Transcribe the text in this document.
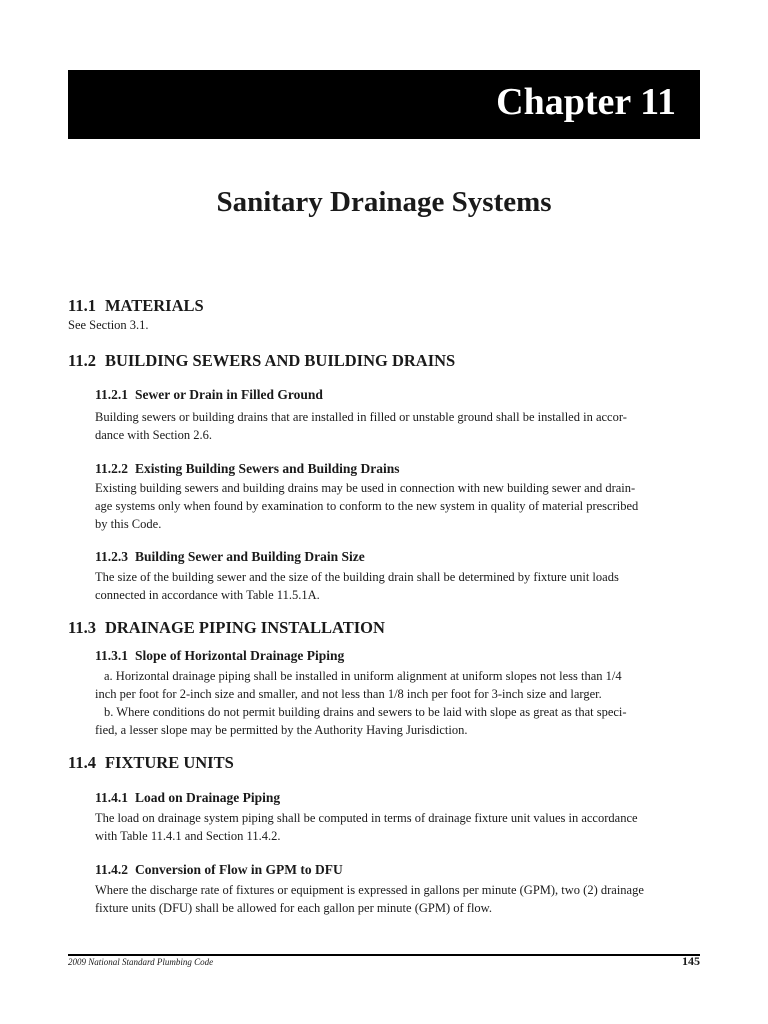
Chapter 11
Sanitary Drainage Systems
11.1 MATERIALS

See Section 3.1.

11.2 BUILDING SEWERS AND BUILDING DRAINS
11.2.1 Sewer or Drain in Filled Ground

Building sewers or building drains that are installed in filled or unstable ground shall be installed in accor-
dance with Section 2.6.

11.2.2 Existing Building Sewers and Building Drains

Existing building sewers and building drains may be used in connection with new building sewer and drain-
age systems only when found by examination to conform to the new system in quality of material prescribed
by this Code.

11.2.3 Building Sewer and Building Drain Size

The size of the building sewer and the size of the building drain shall be determined by fixture unit loads
connected in accordance with Table 11.5.1A.

11.3 DRAINAGE PIPING INSTALLATION
11.3.1 Slope of Horizontal Drainage Piping

a. Horizontal drainage piping shall be installed in uniform alignment at uniform slopes not less than 1/4
inch per foot for 2-inch size and smaller, and not less than 1/8 inch per foot for 3-inch size and larger.
b. Where conditions do not permit building drains and sewers to be laid with slope as great as that speci-
fied, a lesser slope may be permitted by the Authority Having Jurisdiction.

11.4 FIXTURE UNITS
11.4.1 Load on Drainage Piping

The load on drainage system piping shall be computed in terms of drainage fixture unit values in accordance
with Table 11.4.1 and Section 11.4.2.

11.4.2 Conversion of Flow in GPM to DFU

Where the discharge rate of fixtures or equipment is expressed in gallons per minute (GPM), two (2) drainage
fixture units (DFU) shall be allowed for each gallon per minute (GPM) of flow.

2009 National Standard Plumbing Code	145
